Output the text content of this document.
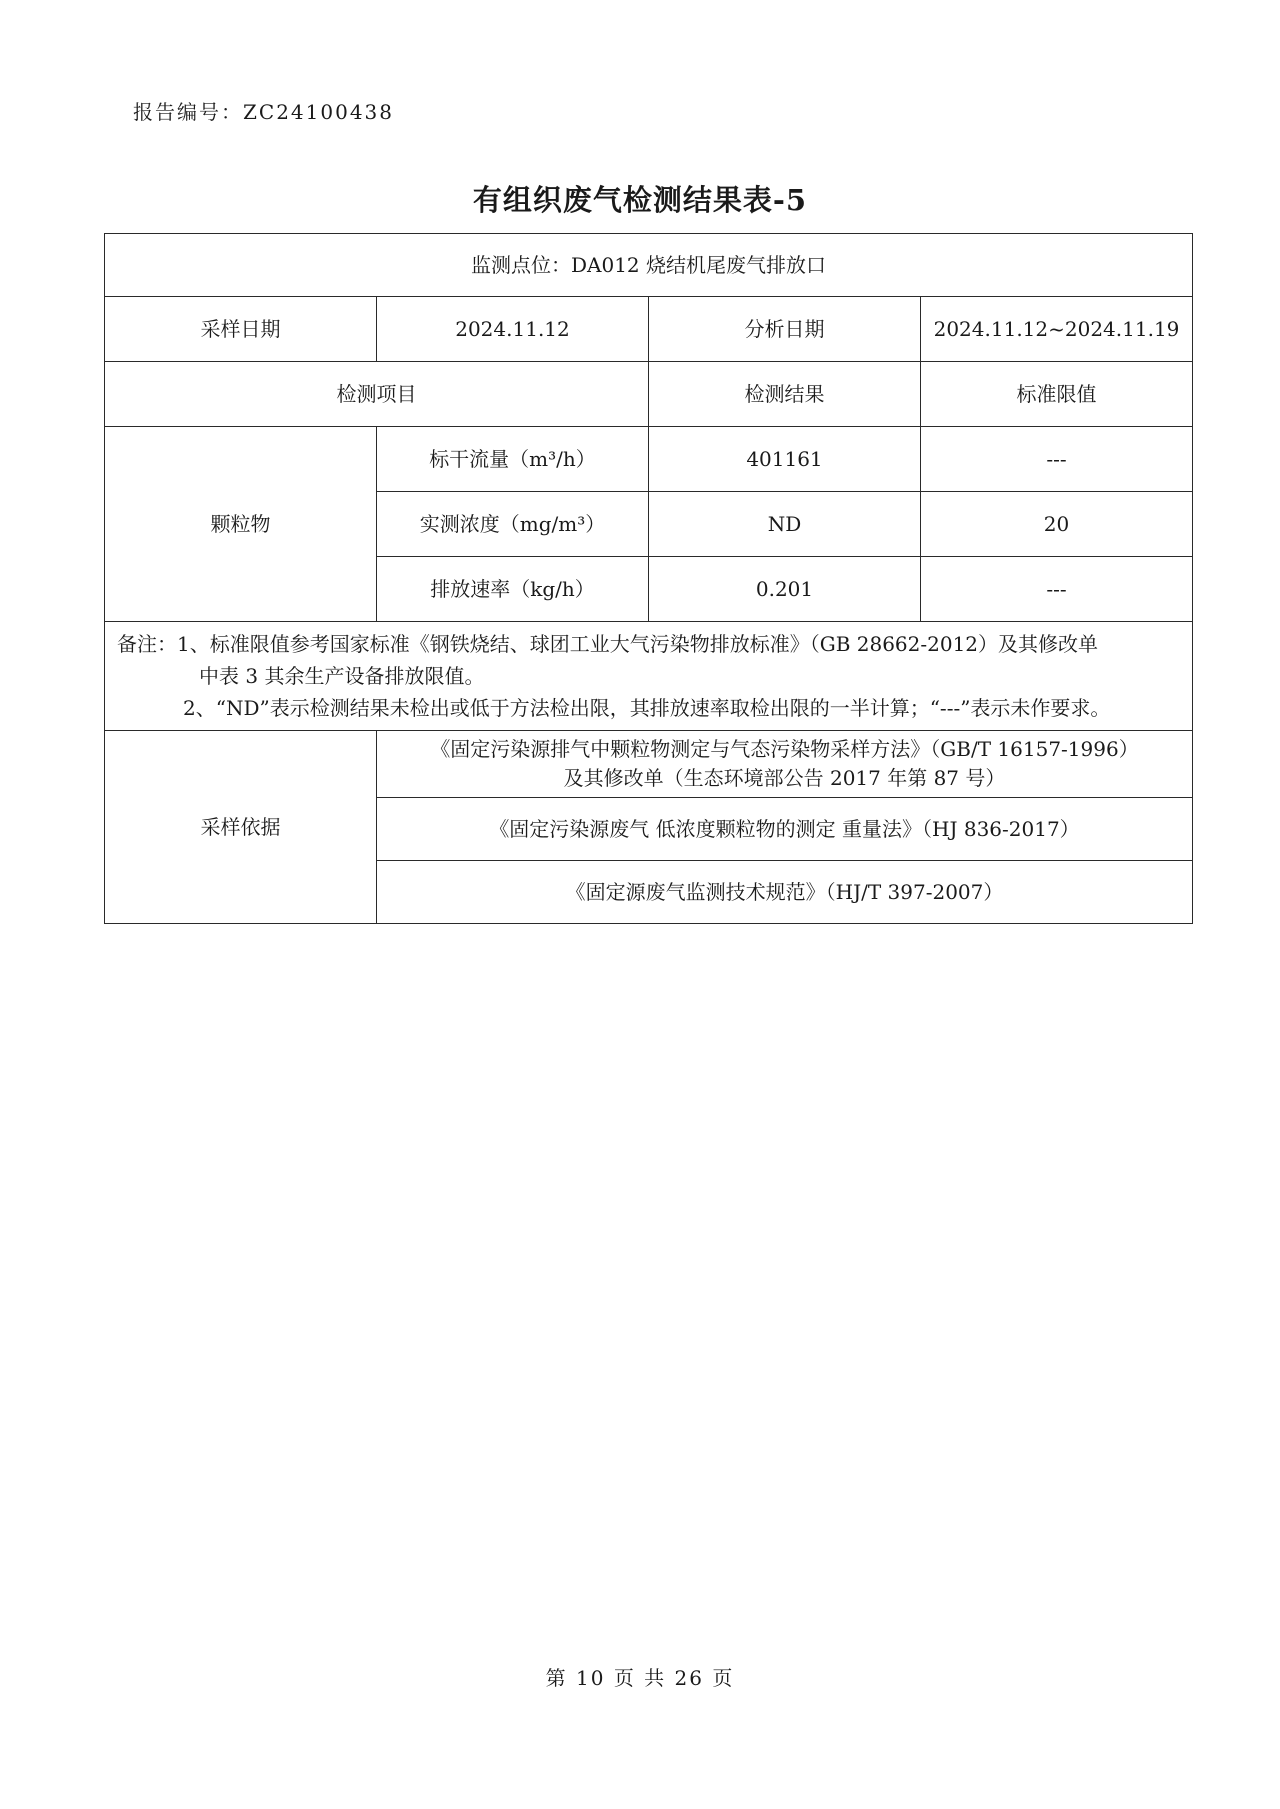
报告编号：ZC24100438
有组织废气检测结果表-5
监测点位：DA012 烧结机尾废气排放口			
采样日期	2024.11.12	分析日期	2024.11.12~2024.11.19
检测项目		检测结果	标准限值
颗粒物	标干流量（m³/h）	401161	---
	实测浓度（mg/m³）	ND	20
	排放速率（kg/h）	0.201	---

备注：1、标准限值参考国家标准《钢铁烧结、球团工业大气污染物排放标准》（GB 28662-2012）及其修改单
中表 3 其余生产设备排放限值。
2、“ND”表示检测结果未检出或低于方法检出限，其排放速率取检出限的一半计算；“---”表示未作要求。			

采样依据	《固定污染源排气中颗粒物测定与气态污染物采样方法》（GB/T 16157-1996）
及其修改单（生态环境部公告 2017 年第 87 号）		

	《固定污染源废气 低浓度颗粒物的测定 重量法》（HJ 836-2017）		
	《固定源废气监测技术规范》（HJ/T 397-2007）		
第 10 页 共 26 页
